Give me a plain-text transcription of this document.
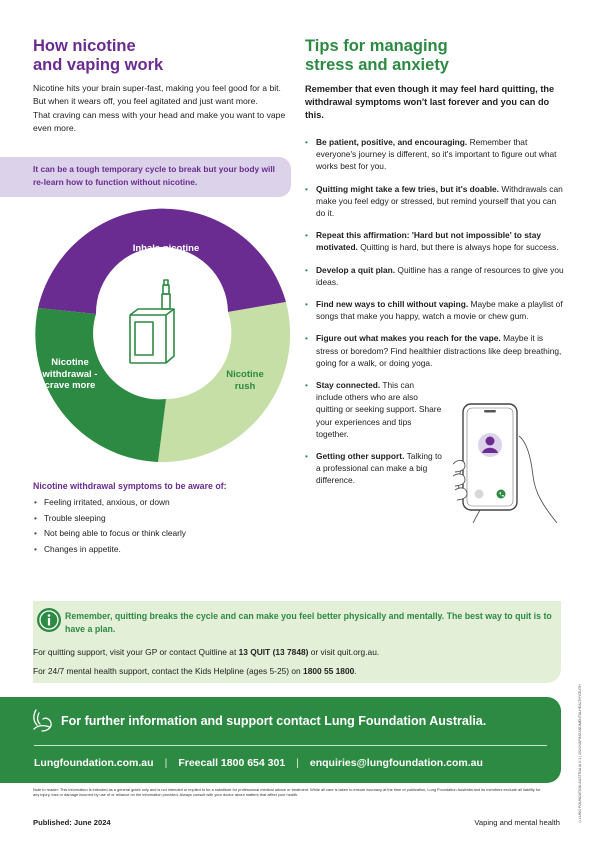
How nicotine
and vaping work

Nicotine hits your brain super-fast, making you feel good for a bit. But when it wears off, you feel agitated and just want more.

That craving can mess with your head and make you want to vape even more.

It can be a tough temporary cycle to break but your body will re-learn how to function without nicotine.
Inhale nicotine
Nicotine rush
Nicotine withdrawal - crave more
Nicotine withdrawal symptoms to be aware of:
• Feeling irritated, anxious, or down
• Trouble sleeping
• Not being able to focus or think clearly
• Changes in appetite.
Tips for managing
stress and anxiety
Remember that even though it may feel hard quitting, the withdrawal symptoms won't last forever and you can do this.
• Be patient, positive, and encouraging. Remember that everyone's journey is different, so it's important to figure out what works best for you.
• Quitting might take a few tries, but it's doable. Withdrawals can make you feel edgy or stressed, but remind yourself that you can do it.
• Repeat this affirmation: 'Hard but not impossible' to stay motivated. Quitting is hard, but there is always hope for success.
• Develop a quit plan. Quitline has a range of resources to give you ideas.
• Find new ways to chill without vaping. Maybe make a playlist of songs that make you happy, watch a movie or chew gum.
• Figure out what makes you reach for the vape. Maybe it is stress or boredom? Find healthier distractions like deep breathing, going for a walk, or doing yoga.
• Stay connected. This can include others who are also quitting or seeking support. Share your experiences and tips together.
• Getting other support. Talking to a professional can make a big difference.
Remember, quitting breaks the cycle and can make you feel better physically and mentally. The best way to quit is to have a plan.
For quitting support, visit your GP or contact Quitline at 13 QUIT (13 7848) or visit quit.org.au.
For 24/7 mental health support, contact the Kids Helpline (ages 5-25) on 1800 55 1800.
For further information and support contact Lung Foundation Australia.
Lungfoundation.com.au | Freecall 1800 654 301 | enquiries@lungfoundation.com.au
Note to reader: This information is intended as a general guide only and is not intended or implied to be a substitute for professional medical advice or treatment. While all care is taken to ensure accuracy at the time of publication, Lung Foundation Australia and its members exclude all liability for any injury, loss or damage incurred by use of or reliance on the information provided. Always consult with your doctor about matters that affect your health.	©LUNG FOUNDATION AUSTRALIA V.1 | 2024/VAPINGANDMENTALHEALTHYOUTH
Published: June 2024	Vaping and mental health
